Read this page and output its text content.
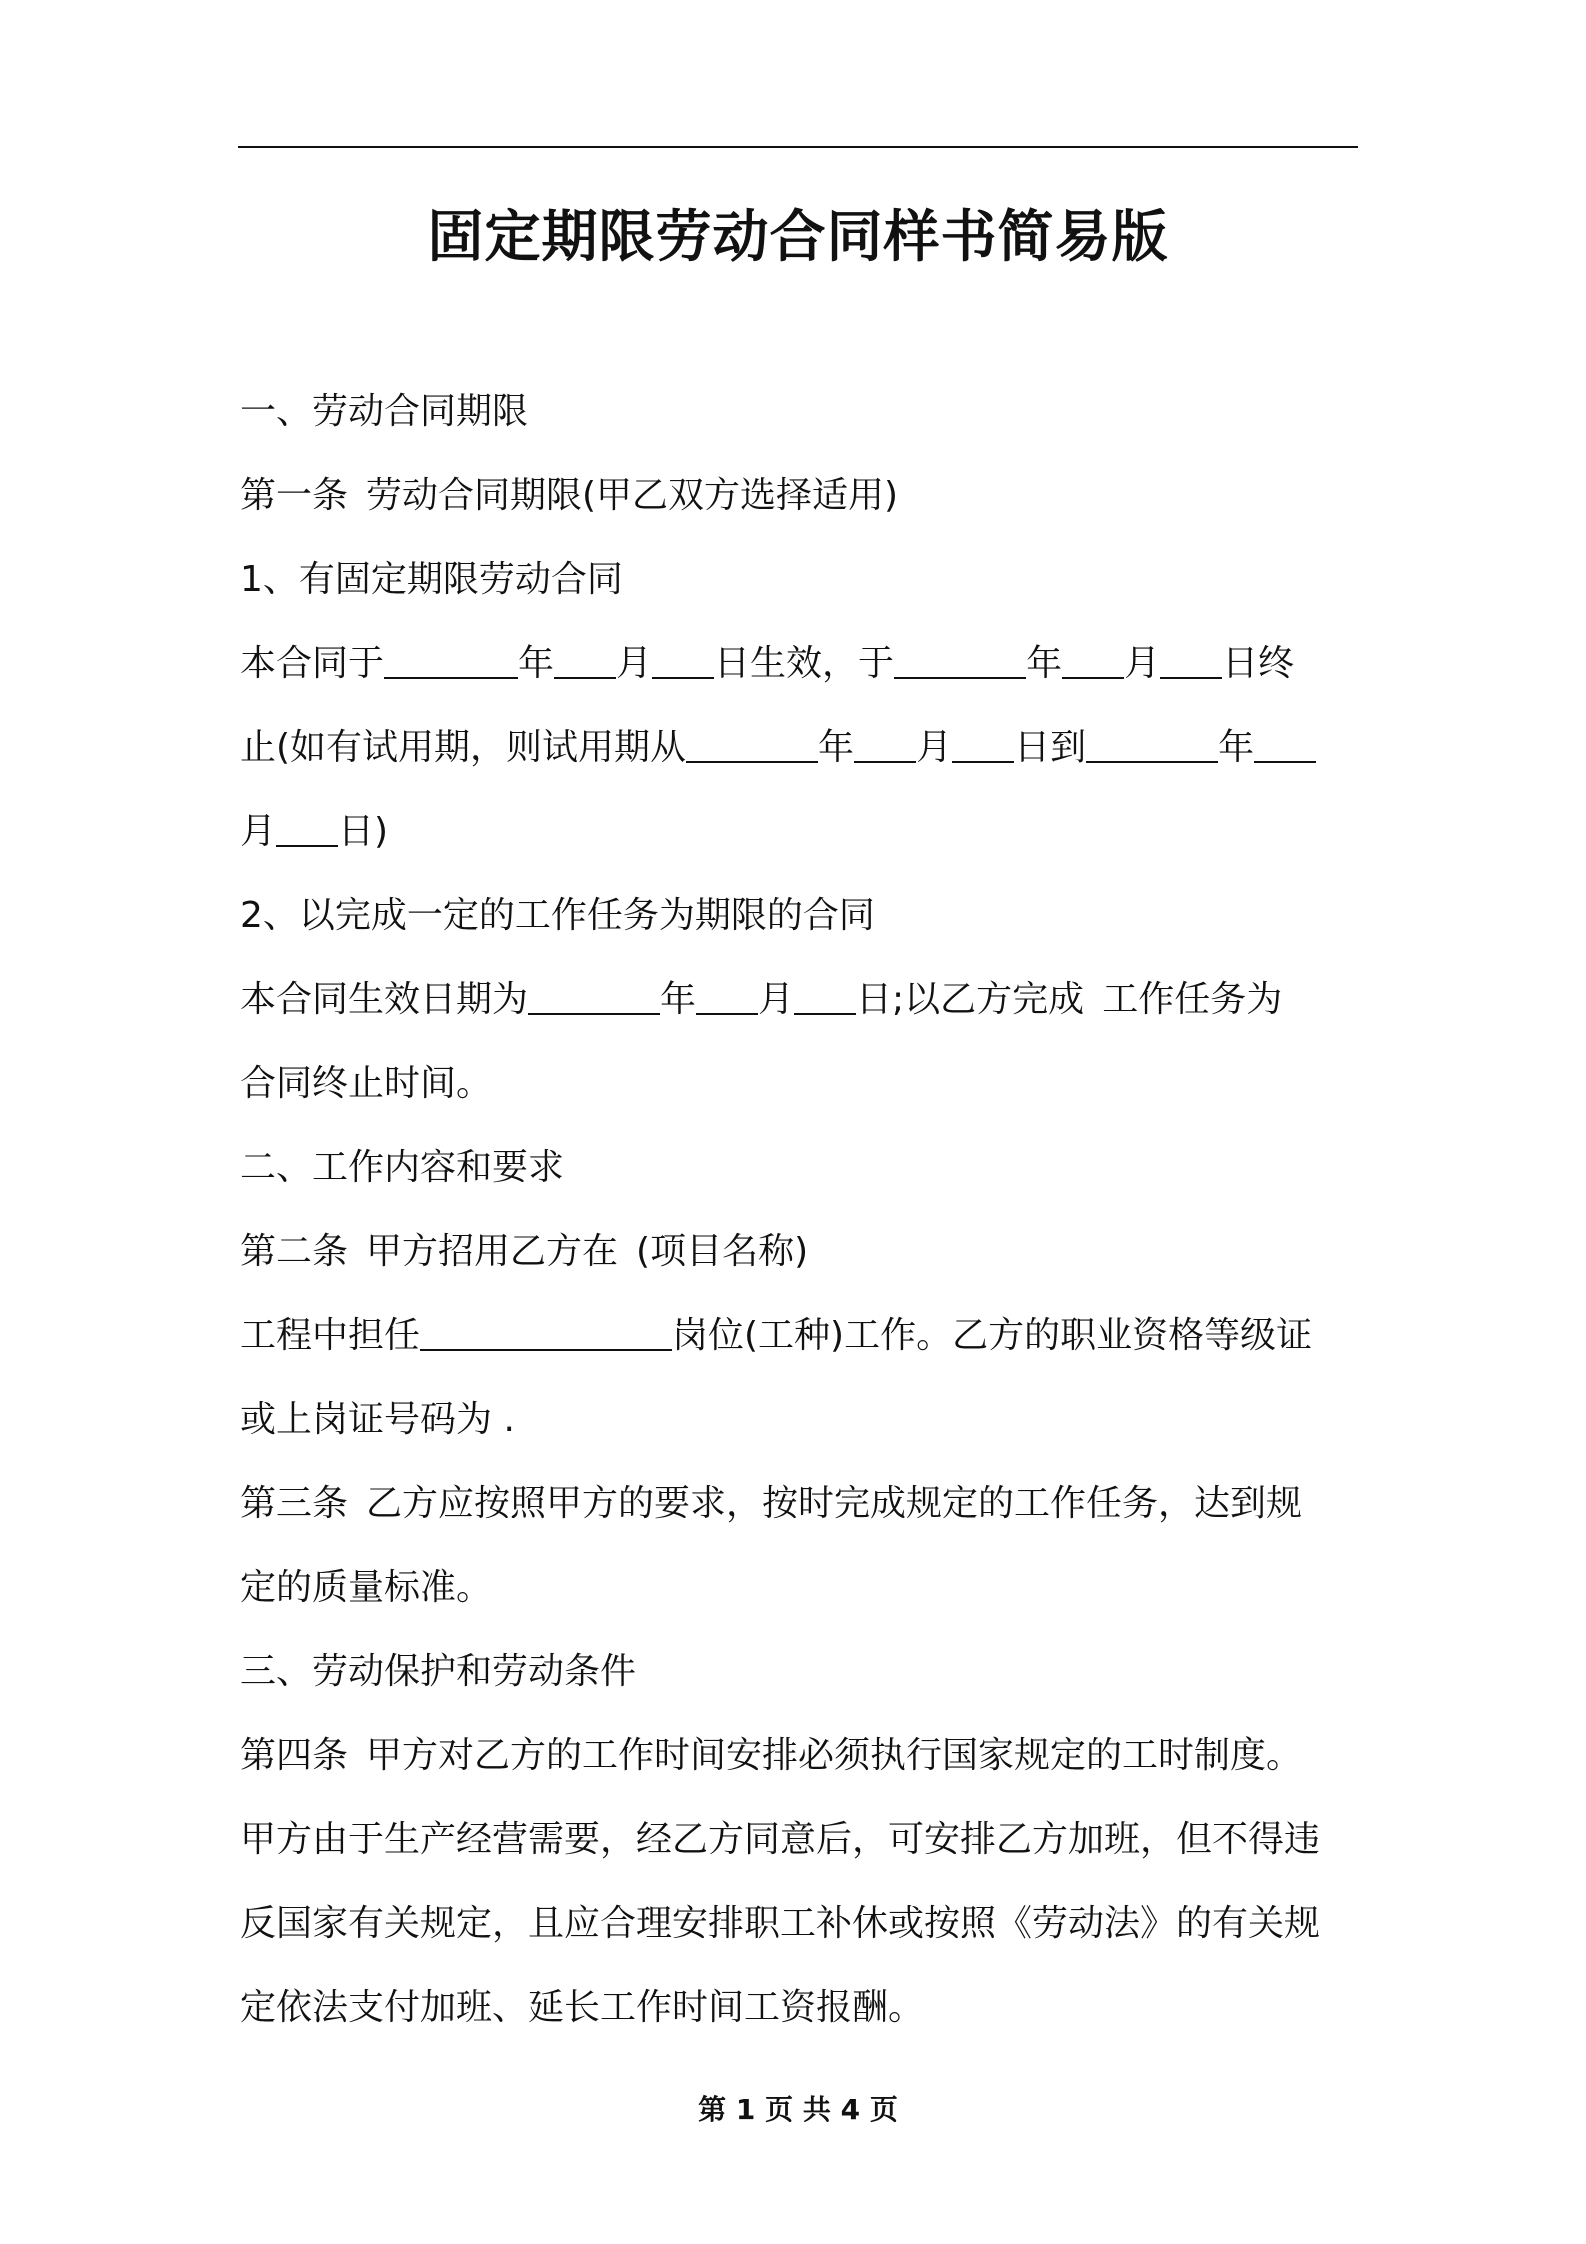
固定期限劳动合同样书简易版
一、劳动合同期限
第一条 劳动合同期限(甲乙双方选择适用)
1、有固定期限劳动合同
本合同于	年 月 日生效，于	年 月 日终
止(如有试用期，则试用期从	年 月 日到	年
月 日)
2、以完成一定的工作任务为期限的合同
本合同生效日期为	年 月 日;以乙方完成 工作任务为
合同终止时间。
二、工作内容和要求
第二条 甲方招用乙方在 (项目名称)
工程中担任	岗位(工种)工作。乙方的职业资格等级证
或上岗证号码为 .
第三条 乙方应按照甲方的要求，按时完成规定的工作任务，达到规
定的质量标准。
三、劳动保护和劳动条件
第四条 甲方对乙方的工作时间安排必须执行国家规定的工时制度。
甲方由于生产经营需要，经乙方同意后，可安排乙方加班，但不得违
反国家有关规定，且应合理安排职工补休或按照《劳动法》的有关规
定依法支付加班、延长工作时间工资报酬。
第 1 页 共 4 页
